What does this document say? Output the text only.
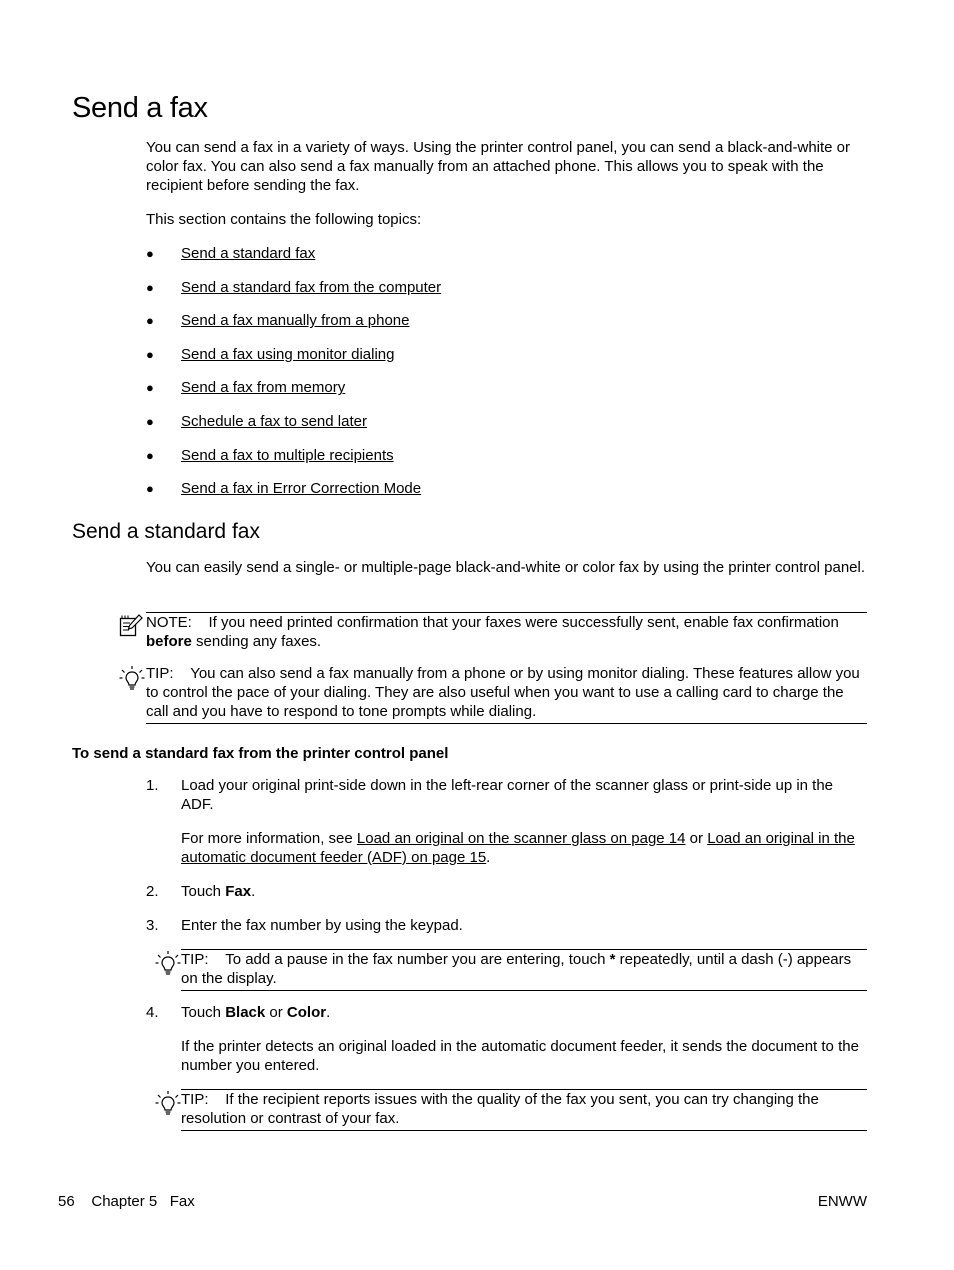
Send a fax

You can send a fax in a variety of ways. Using the printer control panel, you can send a black-and-white or color fax. You can also send a fax manually from an attached phone. This allows you to speak with the recipient before sending the fax.

This section contains the following topics:

● Send a standard fax
● Send a standard fax from the computer
● Send a fax manually from a phone
● Send a fax using monitor dialing
● Send a fax from memory
● Schedule a fax to send later
● Send a fax to multiple recipients
● Send a fax in Error Correction Mode
Send a standard fax

You can easily send a single- or multiple-page black-and-white or color fax by using the printer control panel.

NOTE: If you need printed confirmation that your faxes were successfully sent, enable fax confirmation before sending any faxes.
TIP: You can also send a fax manually from a phone or by using monitor dialing. These features allow you to control the pace of your dialing. They are also useful when you want to use a calling card to charge the call and you have to respond to tone prompts while dialing.
To send a standard fax from the printer control panel
1. Load your original print-side down in the left-rear corner of the scanner glass or print-side up in the ADF.

For more information, see Load an original on the scanner glass on page 14 or Load an original in the automatic document feeder (ADF) on page 15.

2. Touch Fax.

3. Enter the fax number by using the keypad.

TIP: To add a pause in the fax number you are entering, touch * repeatedly, until a dash (-) appears on the display.
4. Touch Black or Color.

If the printer detects an original loaded in the automatic document feeder, it sends the document to the number you entered.

TIP: If the recipient reports issues with the quality of the fax you sent, you can try changing the resolution or contrast of your fax.
56 Chapter 5 Fax	ENWW
